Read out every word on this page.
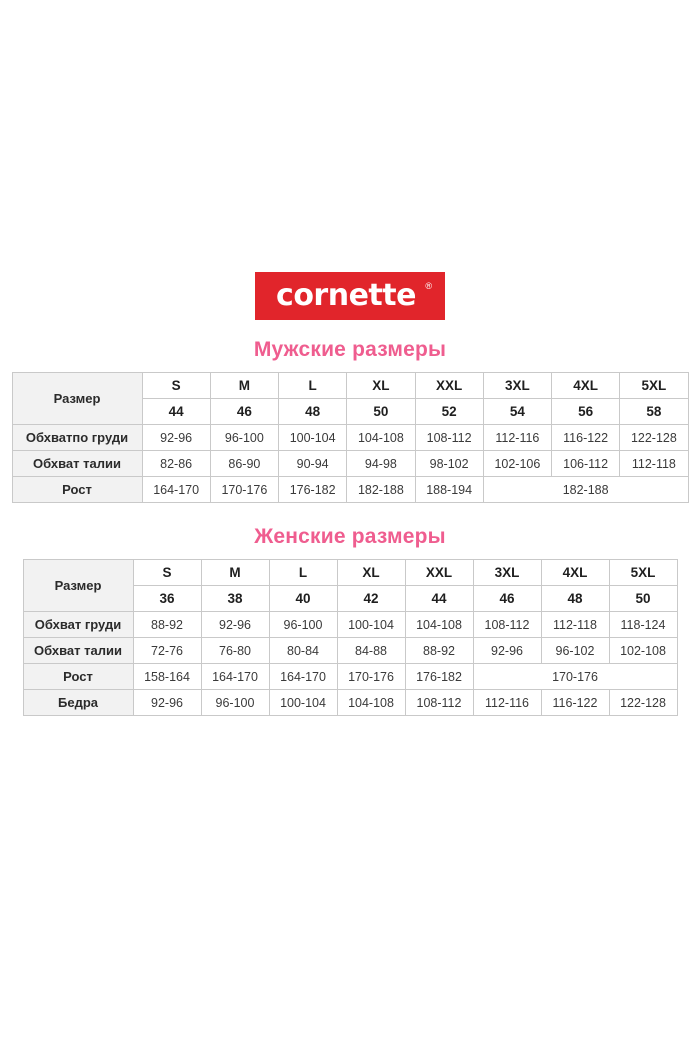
cornette	®
Мужские размеры
Размер	S	M	L	XL	XXL	3XL	4XL	5XL
	44	46	48	50	52	54	56	58
Обхватпо груди	92-96	96-100	100-104	104-108	108-112	112-116	116-122	122-128
Обхват талии	82-86	86-90	90-94	94-98	98-102	102-106	106-112	112-118
Рост	164-170	170-176	176-182	182-188	188-194	182-188		
Женские размеры
Размер	S	M	L	XL	XXL	3XL	4XL	5XL
	36	38	40	42	44	46	48	50
Обхват груди	88-92	92-96	96-100	100-104	104-108	108-112	112-118	118-124
Обхват талии	72-76	76-80	80-84	84-88	88-92	92-96	96-102	102-108
Рост	158-164	164-170	164-170	170-176	176-182	170-176		
Бедра	92-96	96-100	100-104	104-108	108-112	112-116	116-122	122-128
